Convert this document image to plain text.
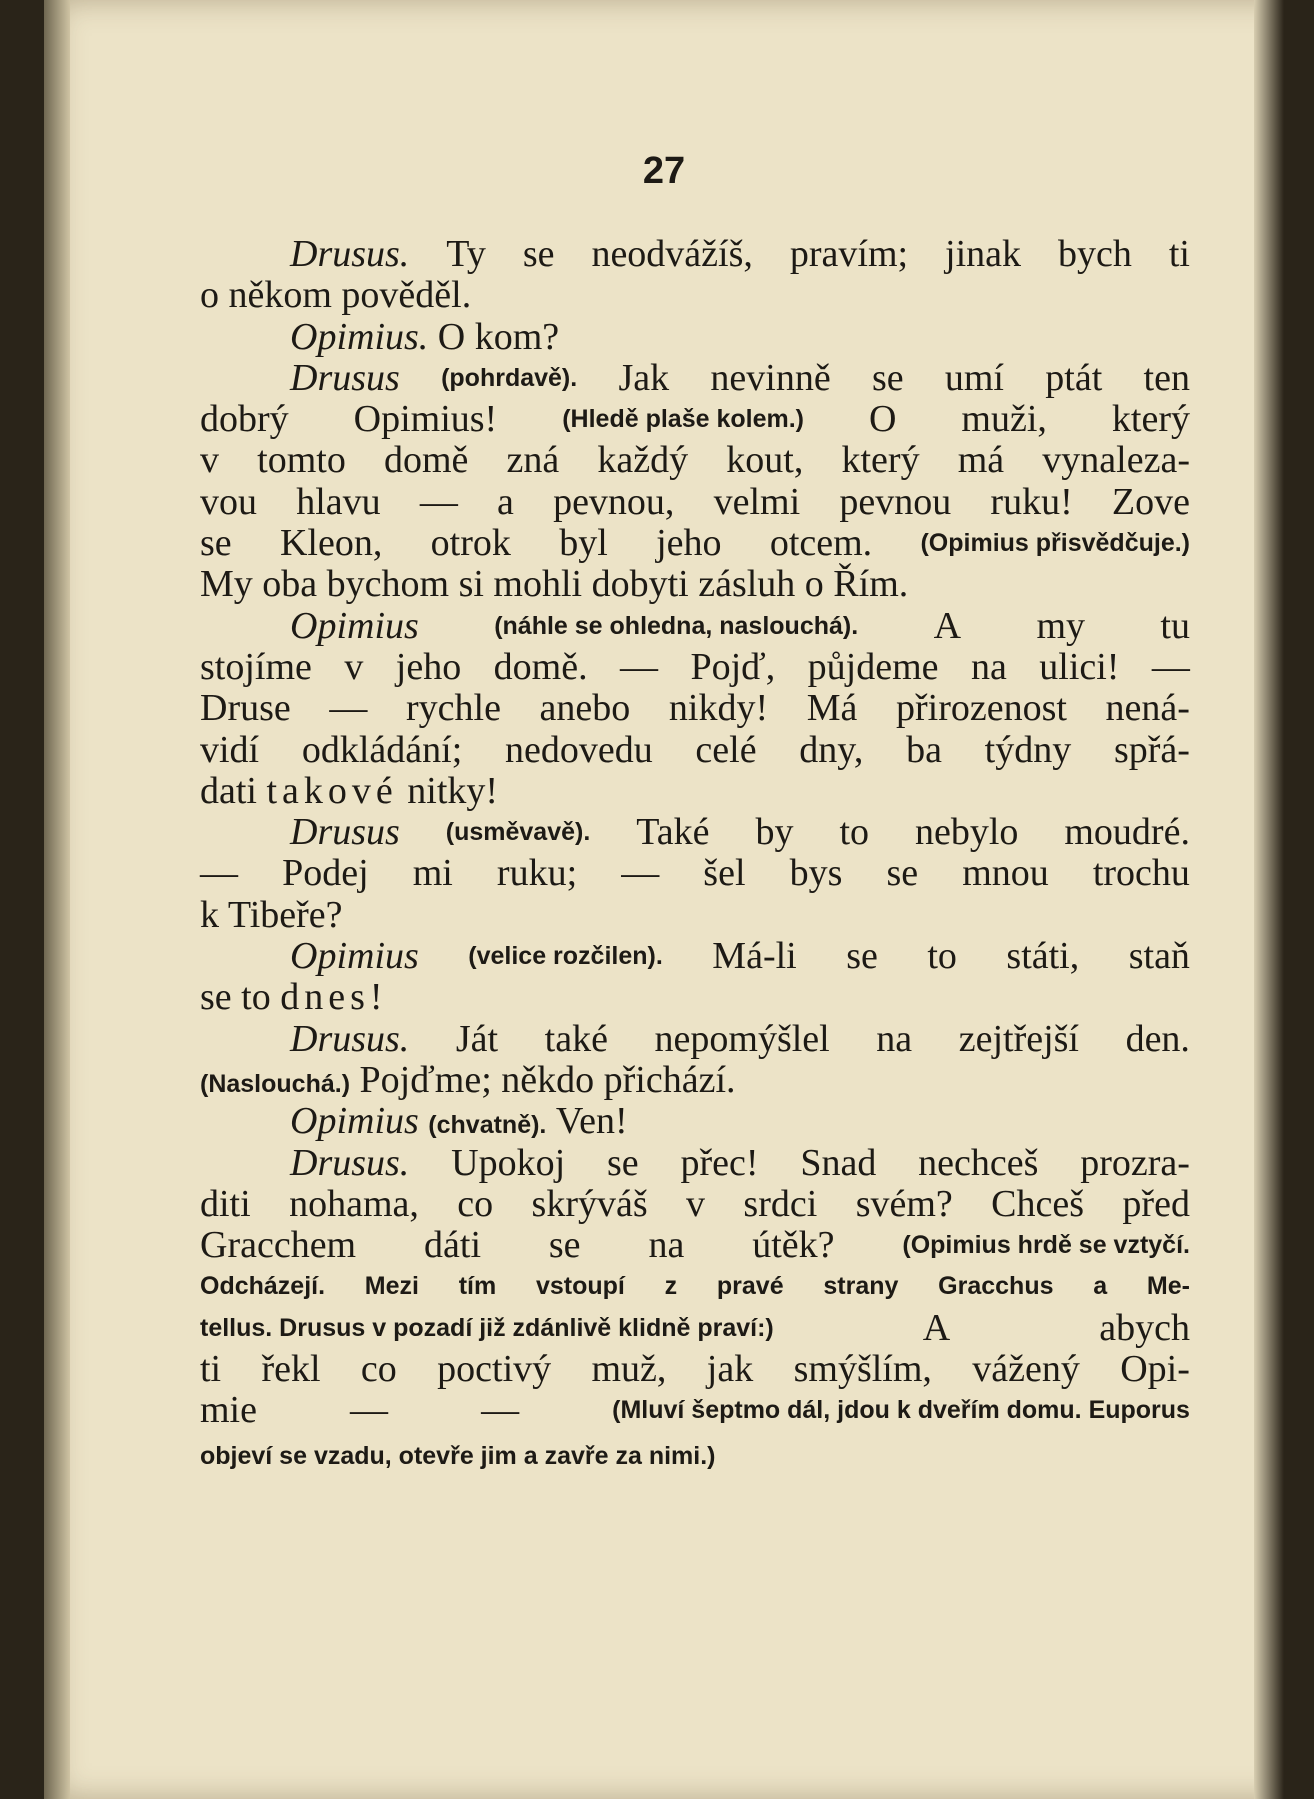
27
Drusus. Ty se neodvážíš, pravím; jinak bych ti
o někom pověděl.
Opimius. O kom?
Drusus (pohrdavě). Jak nevinně se umí ptát ten
dobrý Opimius!	(Hledě plaše kolem.) O muži, který
v tomto domě zná každý kout, který má vynaleza-
vou hlavu — a pevnou, velmi pevnou ruku! Zove
se Kleon, otrok byl jeho otcem. (Opimius přisvědčuje.)
My oba bychom si mohli dobyti zásluh o Řím.
Opimius	(náhle se ohledna, naslouchá). A my tu
stojíme v jeho domě. — Pojď, půjdeme na ulici! —
Druse — rychle anebo nikdy! Má přirozenost nená-
vidí odkládání; nedovedu celé dny, ba týdny spřá-
dati takové nitky!
Drusus (usměvavě). Také by to nebylo moudré.
— Podej mi ruku; — šel bys se mnou trochu
k Tibeře?
Opimius (velice rozčilen). Má-li se to státi, staň
se to dnes!
Drusus. Ját také nepomýšlel na zejtřejší den.
(Naslouchá.) Pojďme; někdo přichází.
Opimius (chvatně). Ven!
Drusus. Upokoj se přec! Snad nechceš prozra-
diti nohama, co skrýváš v srdci svém? Chceš před
Gracchem dáti se na útěk?	(Opimius hrdě se vztyčí.
Odcházejí. Mezi tím vstoupí z pravé strany Gracchus a Me-
tellus. Drusus v pozadí již zdánlivě klidně praví:)	A	abych
ti řekl co poctivý muž, jak smýšlím, vážený Opi-
mie — —	(Mluví šeptmo dál, jdou k dveřím domu. Euporus
objeví se vzadu, otevře jim a zavře za nimi.)
